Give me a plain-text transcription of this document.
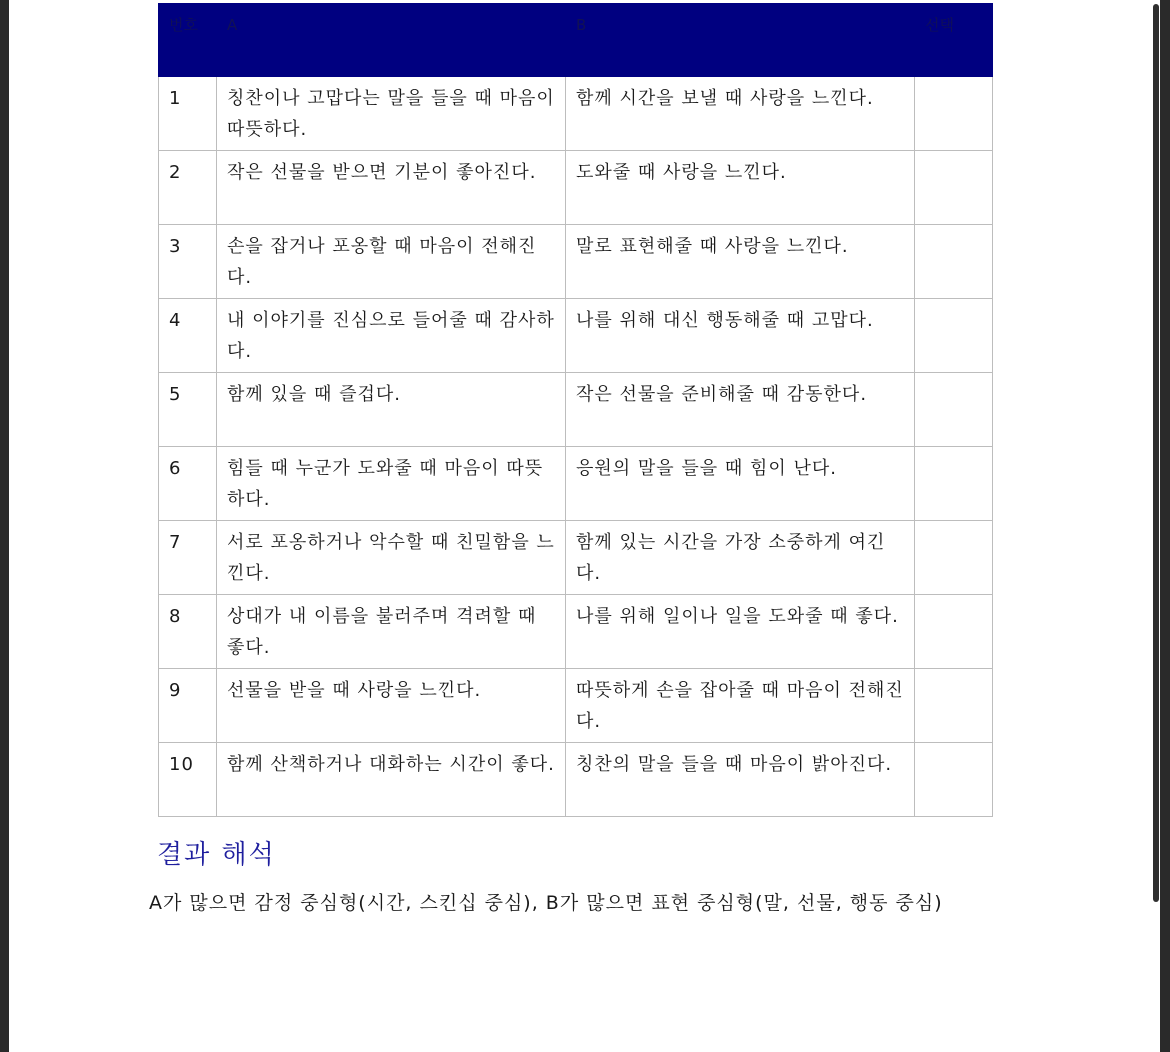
번호	A	B	선택
1	칭찬이나 고맙다는 말을 들을 때 마음이 따뜻하다.	함께 시간을 보낼 때 사랑을 느낀다.	
2	작은 선물을 받으면 기분이 좋아진다.	도와줄 때 사랑을 느낀다.	
3	손을 잡거나 포옹할 때 마음이 전해진다.	말로 표현해줄 때 사랑을 느낀다.	
4	내 이야기를 진심으로 들어줄 때 감사하다.	나를 위해 대신 행동해줄 때 고맙다.	
5	함께 있을 때 즐겁다.	작은 선물을 준비해줄 때 감동한다.	
6	힘들 때 누군가 도와줄 때 마음이 따뜻하다.	응원의 말을 들을 때 힘이 난다.	
7	서로 포옹하거나 악수할 때 친밀함을 느낀다.	함께 있는 시간을 가장 소중하게 여긴다.	
8	상대가 내 이름을 불러주며 격려할 때 좋다.	나를 위해 일이나 일을 도와줄 때 좋다.	
9	선물을 받을 때 사랑을 느낀다.	따뜻하게 손을 잡아줄 때 마음이 전해진다.	
10	함께 산책하거나 대화하는 시간이 좋다.	칭찬의 말을 들을 때 마음이 밝아진다.	
결과 해석

A가 많으면 감정 중심형(시간, 스킨십 중심), B가 많으면 표현 중심형(말, 선물, 행동 중심)
